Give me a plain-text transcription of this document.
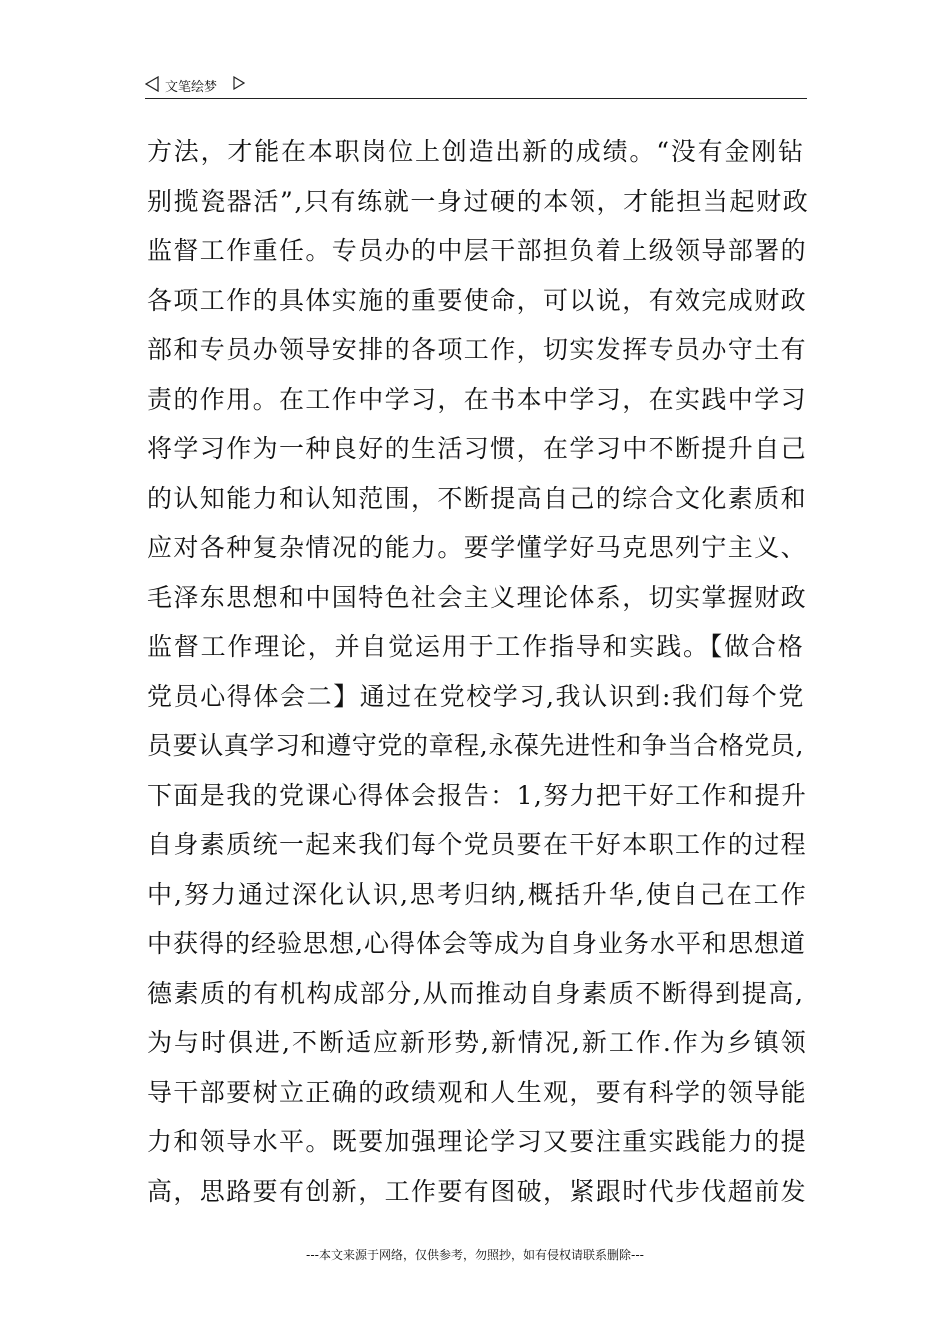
文笔绘梦
方法，才能在本职岗位上创造出新的成绩。“没有金刚钻
别揽瓷器活”,只有练就一身过硬的本领，才能担当起财政
监督工作重任。专员办的中层干部担负着上级领导部署的
各项工作的具体实施的重要使命，可以说，有效完成财政
部和专员办领导安排的各项工作，切实发挥专员办守土有
责的作用。在工作中学习，在书本中学习，在实践中学习
将学习作为一种良好的生活习惯，在学习中不断提升自己
的认知能力和认知范围，不断提高自己的综合文化素质和
应对各种复杂情况的能力。要学懂学好马克思列宁主义、
毛泽东思想和中国特色社会主义理论体系，切实掌握财政
监督工作理论，并自觉运用于工作指导和实践。【做合格
党员心得体会二】通过在党校学习,我认识到:我们每个党
员要认真学习和遵守党的章程,永葆先进性和争当合格党员,
下面是我的党课心得体会报告：1,努力把干好工作和提升
自身素质统一起来我们每个党员要在干好本职工作的过程
中,努力通过深化认识,思考归纳,概括升华,使自己在工作
中获得的经验思想,心得体会等成为自身业务水平和思想道
德素质的有机构成部分,从而推动自身素质不断得到提高,
为与时俱进,不断适应新形势,新情况,新工作.作为乡镇领
导干部要树立正确的政绩观和人生观，要有科学的领导能
力和领导水平。既要加强理论学习又要注重实践能力的提
高，思路要有创新，工作要有图破，紧跟时代步伐超前发
---本文来源于网络，仅供参考，勿照抄，如有侵权请联系删除---
